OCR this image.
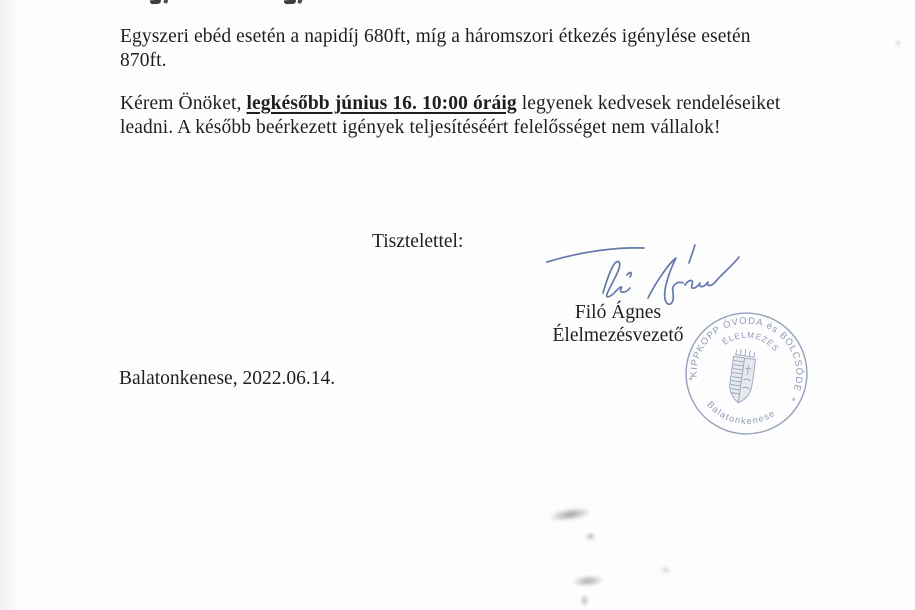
Egyszeri ebéd esetén a napidíj 680ft, míg a háromszori étkezés igénylése esetén
870ft.
Kérem Önöket, legkésőbb június 16. 10:00 óráig legyenek kedvesek rendeléseiket
leadni. A később beérkezett igények teljesítéséért felelősséget nem vállalok!
Tisztelettel:
Filó Ágnes
Élelmezésvezető
Balatonkenese, 2022.06.14.	KIPPKOPP ÓVODA és BÖLCSŐDE
ÉLELMEZÉS
Balatonkenese
*
*
